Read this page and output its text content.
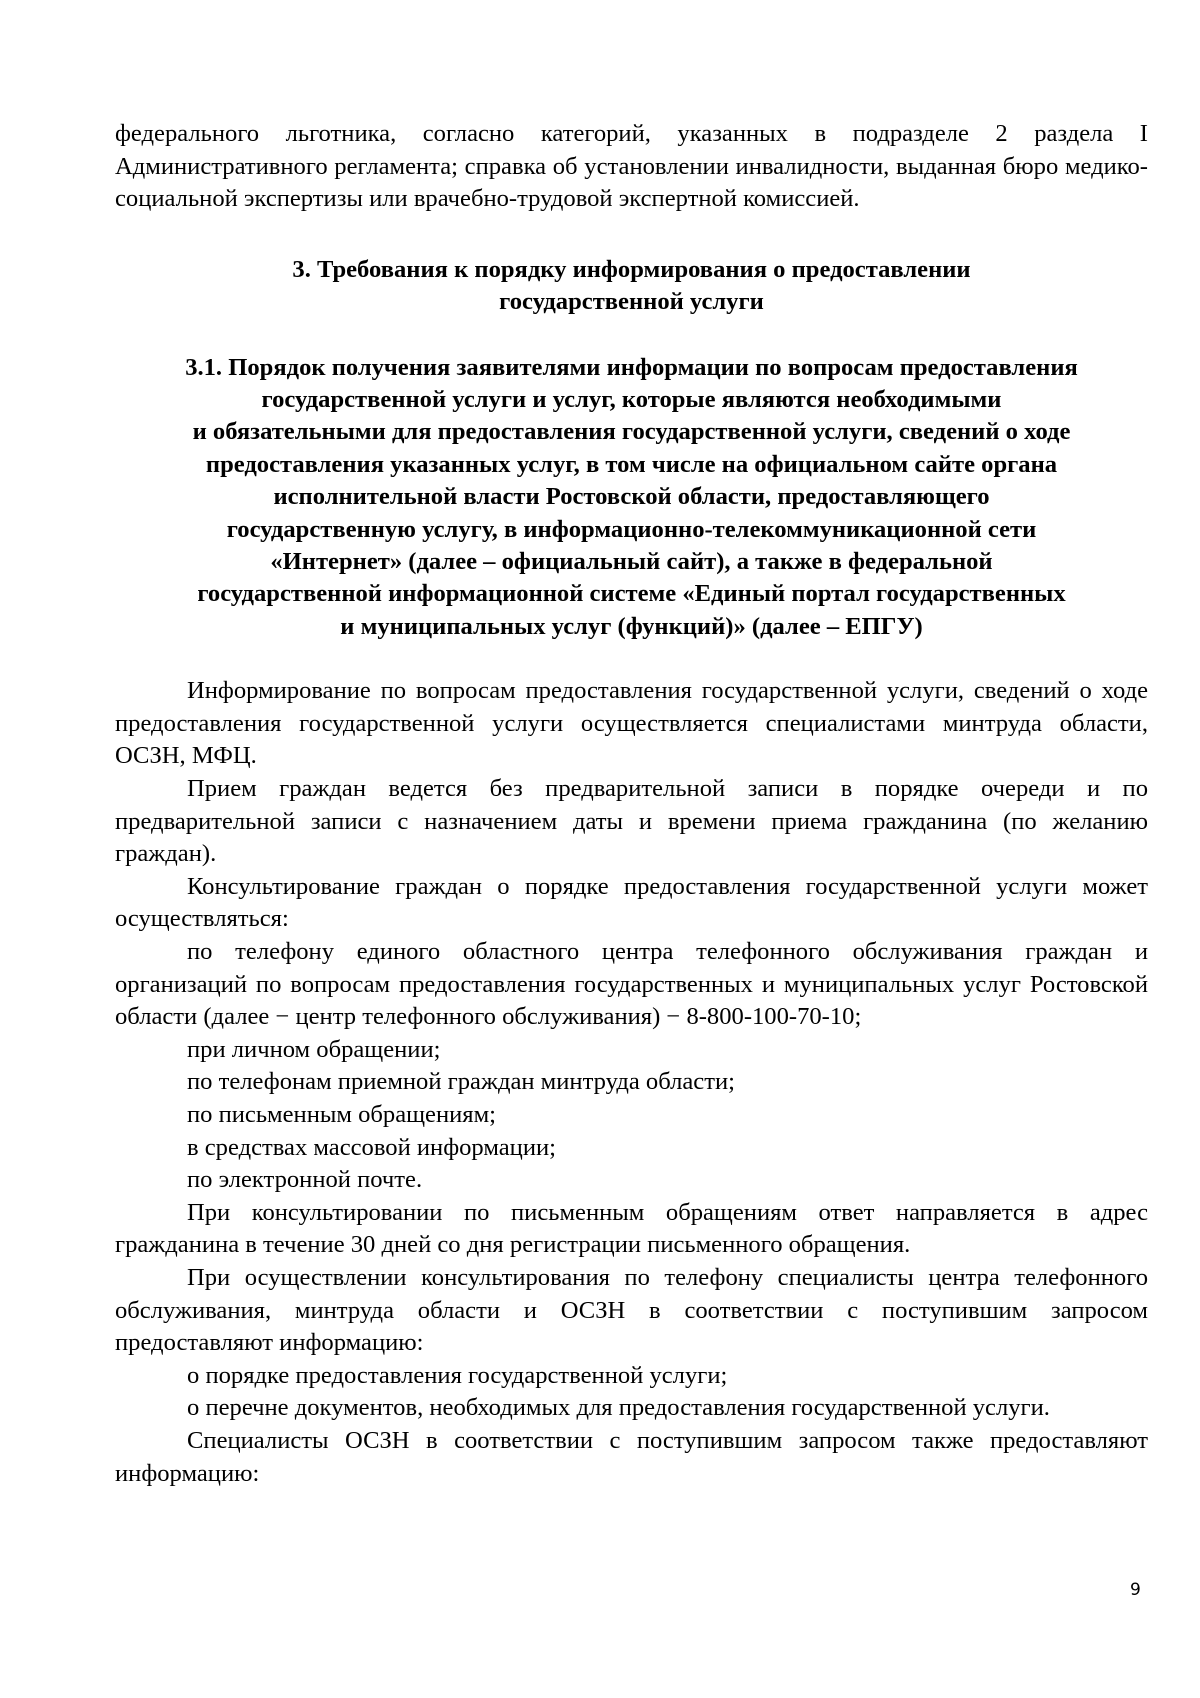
федерального льготника, согласно категорий, указанных в подразделе 2 раздела I Административного регламента; справка об установлении инвалидности, выданная бюро медико-социальной экспертизы или врачебно-трудовой экспертной комиссией.

3. Требования к порядку информирования о предоставлении
государственной услуги
3.1. Порядок получения заявителями информации по вопросам предоставления
государственной услуги и услуг, которые являются необходимыми
и обязательными для предоставления государственной услуги, сведений о ходе
предоставления указанных услуг, в том числе на официальном сайте органа
исполнительной власти Ростовской области, предоставляющего
государственную услугу, в информационно-телекоммуникационной сети
«Интернет» (далее – официальный сайт), а также в федеральной
государственной информационной системе «Единый портал государственных
и муниципальных услуг (функций)» (далее – ЕПГУ)

Информирование по вопросам предоставления государственной услуги, сведений о ходе предоставления государственной услуги осуществляется специалистами минтруда области, ОСЗН, МФЦ.

Прием граждан ведется без предварительной записи в порядке очереди и по предварительной записи с назначением даты и времени приема гражданина (по желанию граждан).

Консультирование граждан о порядке предоставления государственной услуги может осуществляться:

по телефону единого областного центра телефонного обслуживания граждан и организаций по вопросам предоставления государственных и муниципальных услуг Ростовской области (далее − центр телефонного обслуживания) − 8-800-100-70-10;

при личном обращении;

по телефонам приемной граждан минтруда области;

по письменным обращениям;

в средствах массовой информации;

по электронной почте.

При консультировании по письменным обращениям ответ направляется в адрес гражданина в течение 30 дней со дня регистрации письменного обращения.

При осуществлении консультирования по телефону специалисты центра телефонного обслуживания, минтруда области и ОСЗН в соответствии с поступившим запросом предоставляют информацию:

о порядке предоставления государственной услуги;

о перечне документов, необходимых для предоставления государственной услуги.

Специалисты ОСЗН в соответствии с поступившим запросом также предоставляют информацию:

9
